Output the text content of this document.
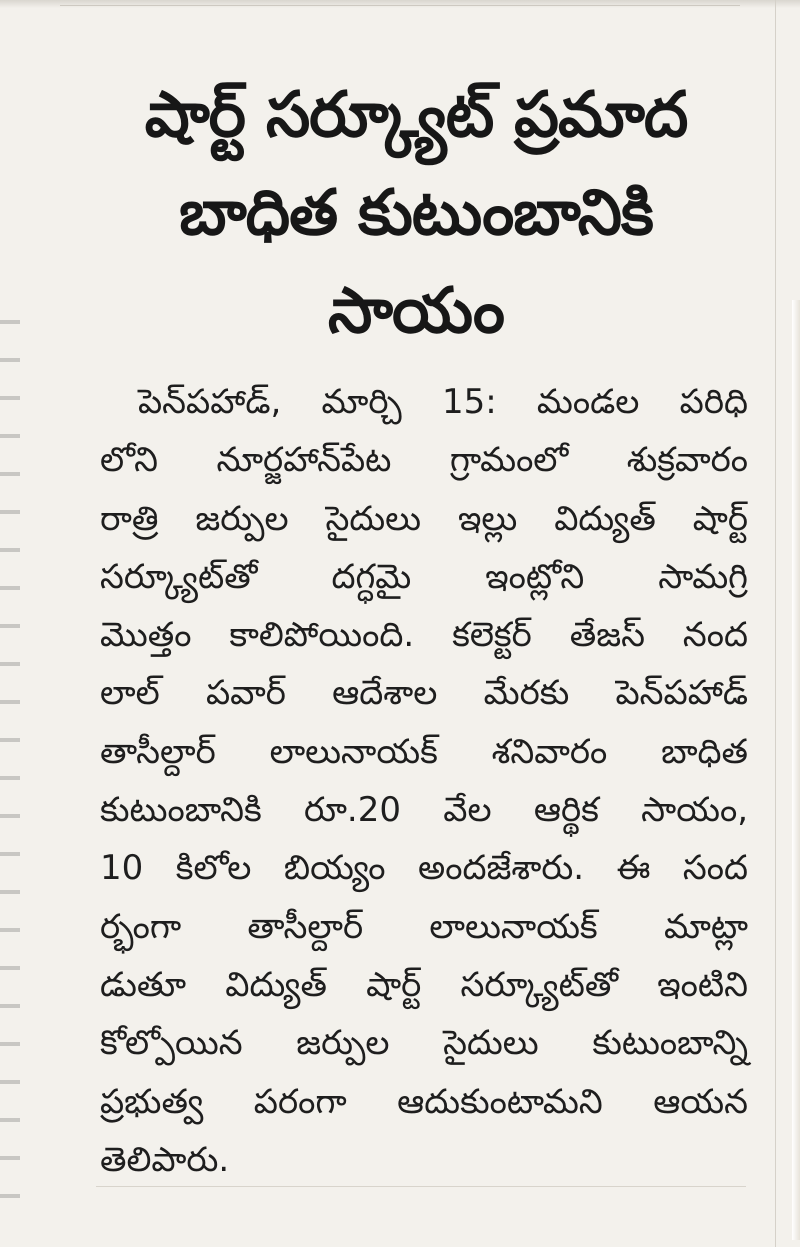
షార్ట్ సర్క్యూట్ ప్రమాద
బాధిత కుటుంబానికి
సాయం
పెన్‌పహాడ్, మార్చి 15: మండల పరిధి
లోని నూర్జహాన్‌పేట గ్రామంలో శుక్రవారం
రాత్రి జర్పుల సైదులు ఇల్లు విద్యుత్ షార్ట్
సర్క్యూట్‌తో దగ్ధమై ఇంట్లోని సామగ్రి
మొత్తం కాలిపోయింది. కలెక్టర్ తేజస్ నంద
లాల్ పవార్ ఆదేశాల మేరకు పెన్‌పహాడ్
తాసీల్దార్ లాలునాయక్ శనివారం బాధిత
కుటుంబానికి రూ.20 వేల ఆర్థిక సాయం,
10 కిలోల బియ్యం అందజేశారు. ఈ సంద
ర్భంగా తాసీల్దార్ లాలునాయక్ మాట్లా
డుతూ విద్యుత్ షార్ట్ సర్క్యూట్‌తో ఇంటిని
కోల్పోయిన జర్పుల సైదులు కుటుంబాన్ని
ప్రభుత్వ పరంగా ఆదుకుంటామని ఆయన
తెలిపారు.
